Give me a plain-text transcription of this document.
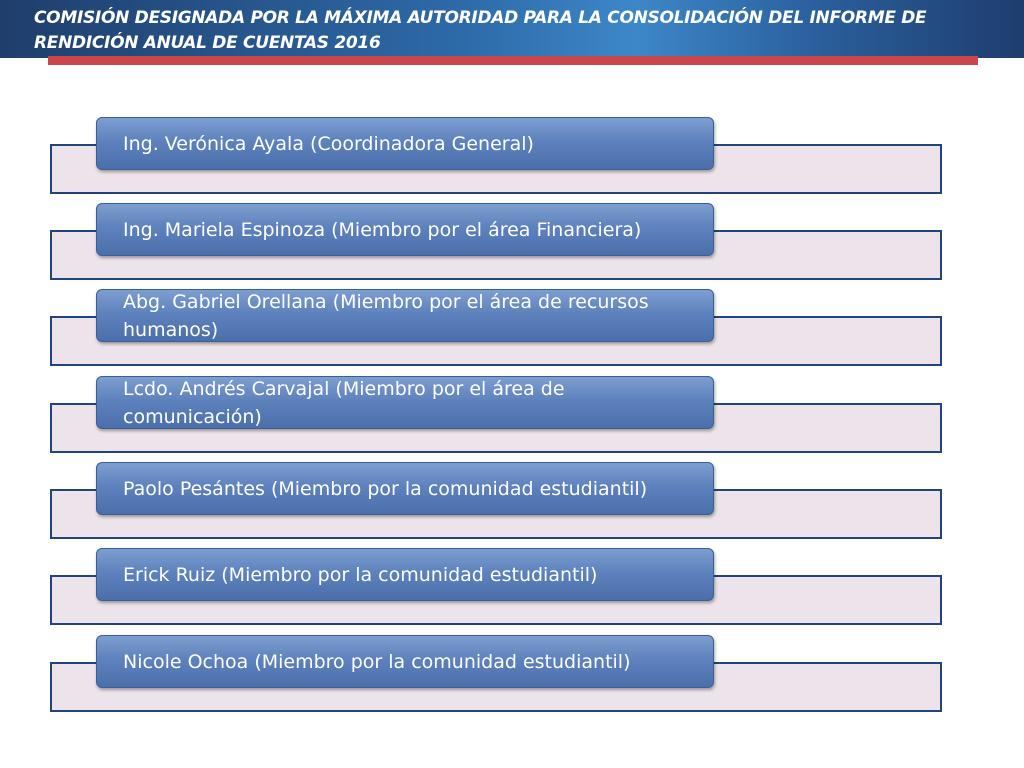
COMISIÓN DESIGNADA POR LA MÁXIMA AUTORIDAD PARA LA CONSOLIDACIÓN DEL INFORME DE RENDICIÓN ANUAL DE CUENTAS 2016
Ing. Verónica Ayala (Coordinadora General)
Ing. Mariela Espinoza (Miembro por el área Financiera)
Abg. Gabriel Orellana (Miembro por el área de recursos humanos)
Lcdo. Andrés Carvajal (Miembro por el área de comunicación)
Paolo Pesántes (Miembro por la comunidad estudiantil)
Erick Ruiz (Miembro por la comunidad estudiantil)
Nicole Ochoa (Miembro por la comunidad estudiantil)
